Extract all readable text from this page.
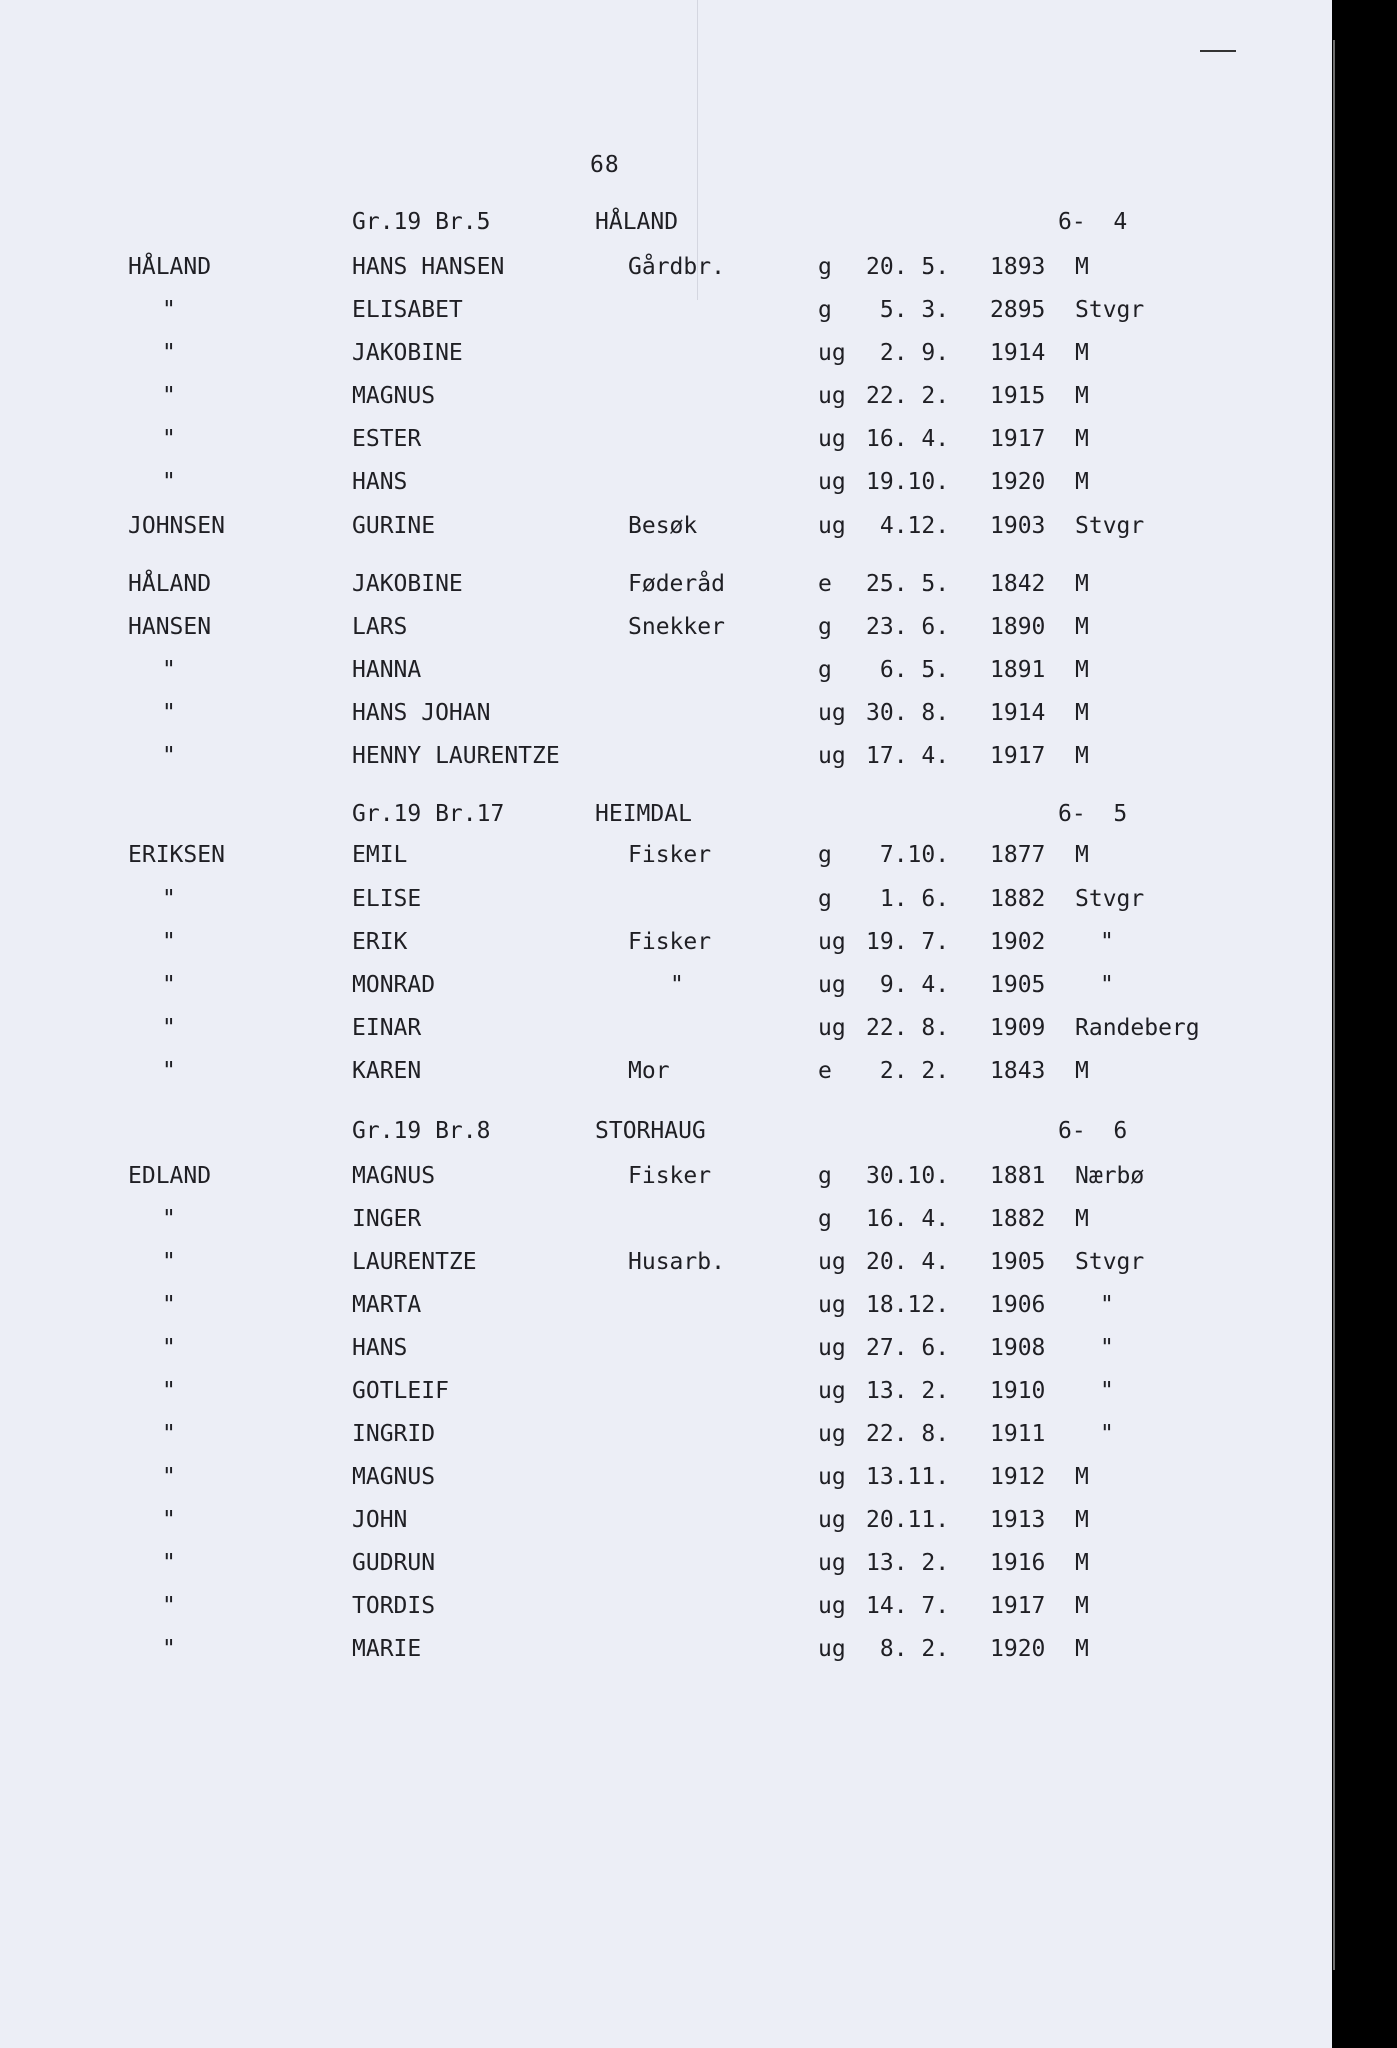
68
Gr.19 Br.5	HÅLAND	6-  4
HÅLAND	HANS HANSEN	Gårdbr.	g 20. 5. 1893 M
"	ELISABET	g 5. 3. 2895 Stvgr
"	JAKOBINE	ug 2. 9. 1914 M
"	MAGNUS	ug 22. 2. 1915 M
"	ESTER	ug 16. 4. 1917 M
"	HANS	ug 19.10. 1920 M
JOHNSEN	GURINE	Besøk	ug 4.12. 1903 Stvgr
HÅLAND	JAKOBINE	Føderåd	e 25. 5. 1842 M
HANSEN	LARS	Snekker	g 23. 6. 1890 M
"	HANNA	g 6. 5. 1891 M
"	HANS JOHAN	ug 30. 8. 1914 M
"	HENNY LAURENTZE	ug 17. 4. 1917 M
Gr.19 Br.17	HEIMDAL	6-  5
ERIKSEN	EMIL	Fisker	g 7.10. 1877 M
"	ELISE	g 1. 6. 1882 Stvgr
"	ERIK	Fisker	ug 19. 7. 1902 "
"	MONRAD	"	ug 9. 4. 1905 "
"	EINAR	ug 22. 8. 1909 Randeberg
"	KAREN	Mor	e 2. 2. 1843 M
Gr.19 Br.8	STORHAUG	6-  6
EDLAND	MAGNUS	Fisker	g 30.10. 1881 Nærbø
"	INGER	g 16. 4. 1882 M
"	LAURENTZE	Husarb.	ug 20. 4. 1905 Stvgr
"	MARTA	ug 18.12. 1906 "
"	HANS	ug 27. 6. 1908 "
"	GOTLEIF	ug 13. 2. 1910 "
"	INGRID	ug 22. 8. 1911 "
"	MAGNUS	ug 13.11. 1912 M
"	JOHN	ug 20.11. 1913 M
"	GUDRUN	ug 13. 2. 1916 M
"	TORDIS	ug 14. 7. 1917 M
"	MARIE	ug 8. 2. 1920 M
